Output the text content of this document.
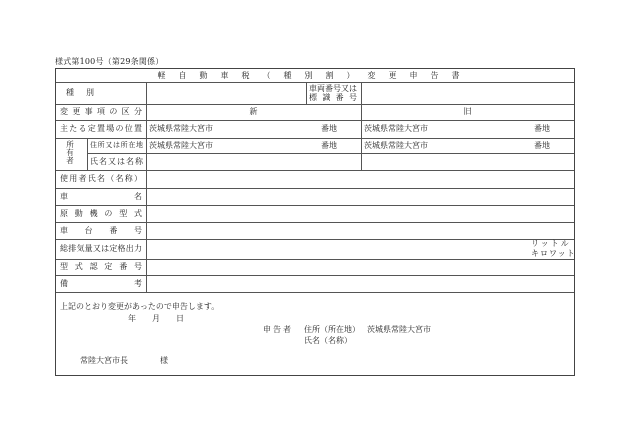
様式第100号（第29条関係）
軽自動車税（種別割）変更申告書
種別	車両番号又は
標識番号
変更事項の区分	新	旧
主たる定置場の位置 茨城県常陸大宮市	番地	茨城県常陸大宮市	番地
所有者
住所又は所在地 茨城県常陸大宮市	番地	茨城県常陸大宮市	番地
氏名又は名称
使用者氏名（名称）
車名
原動機の型式
車台番号
総排気量又は定格出力
リットル
キロワット
型式認定番号
備考
上記のとおり変更があったので申告します。
年　　月　　日
申告者 住所（所在地） 茨城県常陸大宮市
氏名（名称）
常陸大宮市長	様
